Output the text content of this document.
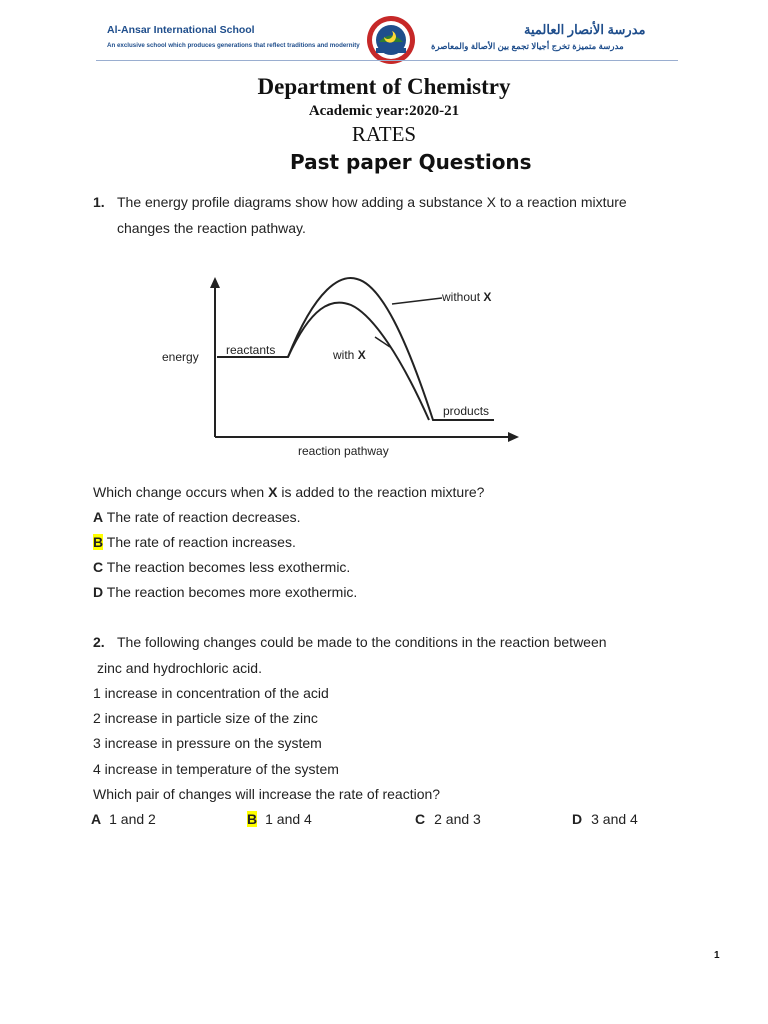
Al-Ansar International School
An exclusive school which produces generations that reflect traditions and modernity
مدرسة الأنصار العالمية
مدرسة متميزة تخرج أجيالا تجمع بين الأصالة والمعاصرة
Department of Chemistry
Academic year:2020-21
RATES
Past paper Questions
1. The energy profile diagrams show how adding a substance X to a reaction mixture
changes the reaction pathway.
energy reactants
without X
with X
products
reaction pathway
Which change occurs when X is added to the reaction mixture?
A The rate of reaction decreases.
B The rate of reaction increases.
C The reaction becomes less exothermic.
D The reaction becomes more exothermic.
2. The following changes could be made to the conditions in the reaction between
zinc and hydrochloric acid.
1 increase in concentration of the acid
2 increase in particle size of the zinc
3 increase in pressure on the system
4 increase in temperature of the system
Which pair of changes will increase the rate of reaction?
A 1 and 2	B 1 and 4	C 2 and 3	D 3 and 4
1
